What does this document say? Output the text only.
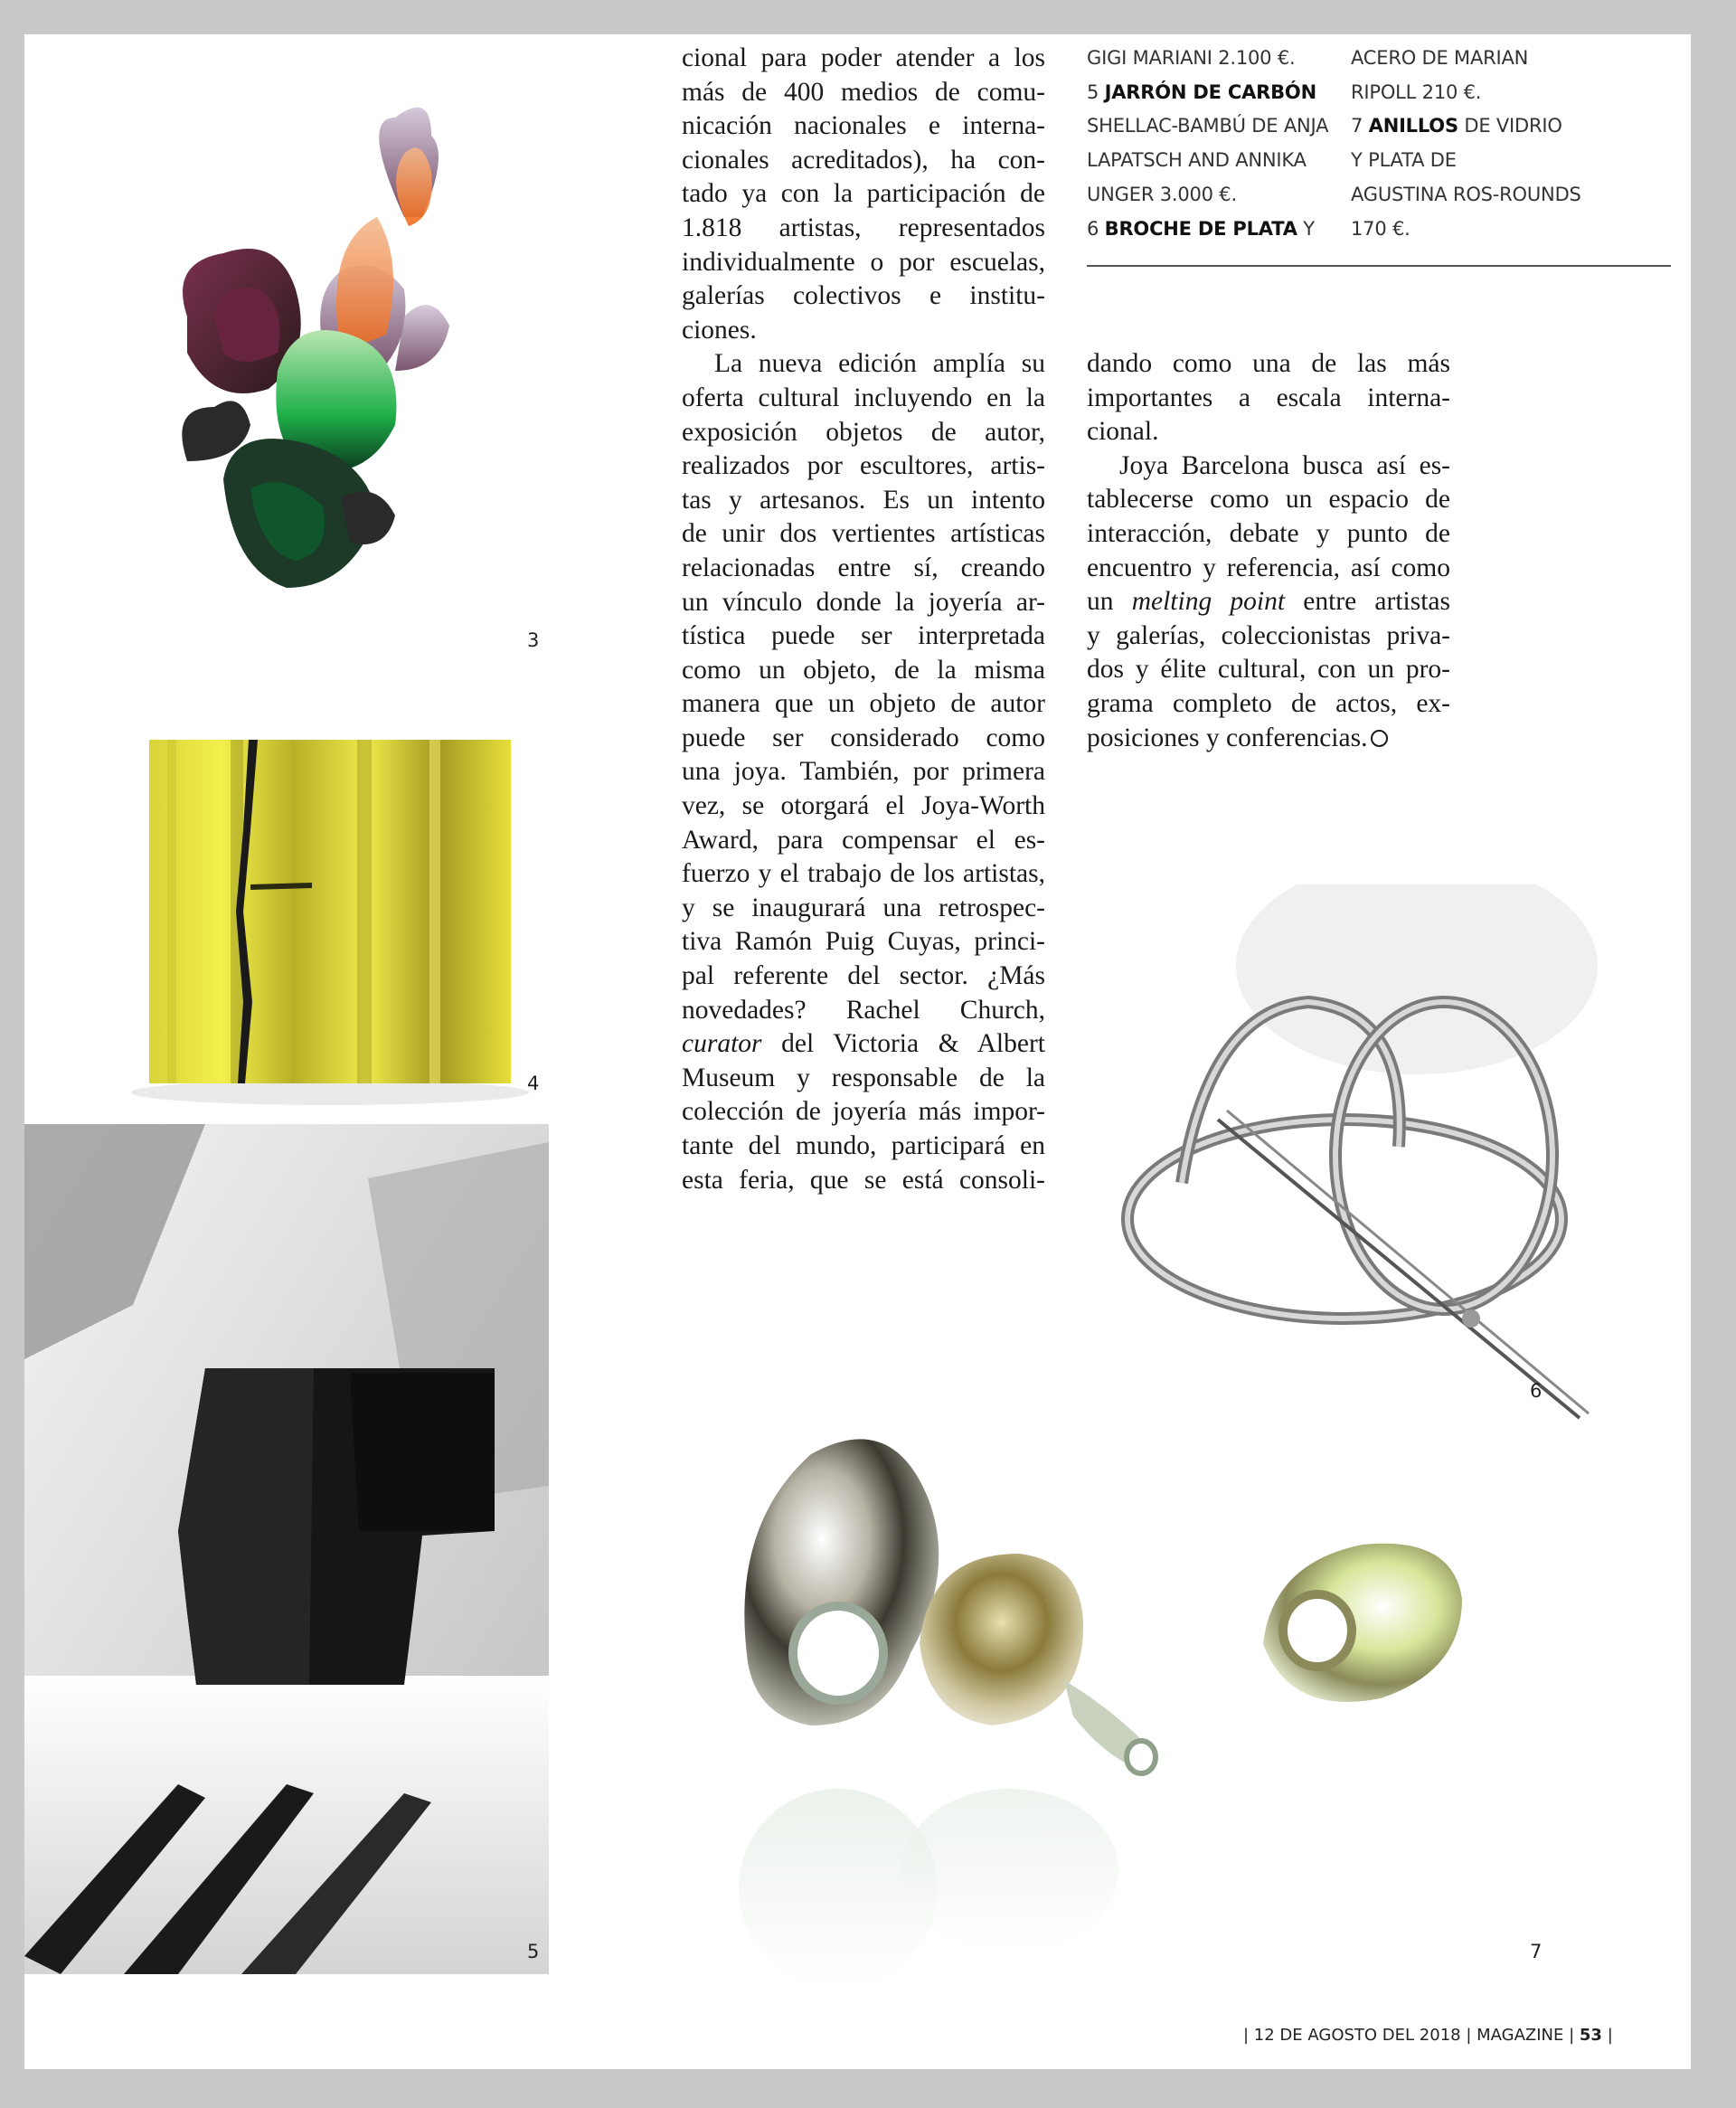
3
4
5

cional para poder atender a los
más de 400 medios de comu-
nicación nacionales e interna-
cionales acreditados), ha con-
tado ya con la participación de
1.818 artistas, representados
individualmente o por escuelas,
galerías colectivos e institu-
ciones.

La nueva edición amplía su
oferta cultural incluyendo en la
exposición objetos de autor,
realizados por escultores, artis-
tas y artesanos. Es un intento
de unir dos vertientes artísticas
relacionadas entre sí, creando
un vínculo donde la joyería ar-
tística puede ser interpretada
como un objeto, de la misma
manera que un objeto de autor
puede ser considerado como
una joya. También, por primera
vez, se otorgará el Joya-Worth
Award, para compensar el es-
fuerzo y el trabajo de los artistas,
y se inaugurará una retrospec-
tiva Ramón Puig Cuyas, princi-
pal referente del sector. ¿Más
novedades? Rachel Church,
curator del Victoria & Albert
Museum y responsable de la
colección de joyería más impor-
tante del mundo, participará en
esta feria, que se está consoli-

GIGI MARIANI 2.100 €.
5 JARRÓN DE CARBÓN
SHELLAC-BAMBÚ DE ANJA
LAPATSCH AND ANNIKA
UNGER 3.000 €.
6 BROCHE DE PLATA Y
ACERO DE MARIAN
RIPOLL 210 €.
7 ANILLOS DE VIDRIO
Y PLATA DE
AGUSTINA ROS-ROUNDS
170 €.

dando como una de las más
importantes a escala interna-
cional.

Joya Barcelona busca así es-
tablecerse como un espacio de
interacción, debate y punto de
encuentro y referencia, así como
un melting point entre artistas
y galerías, coleccionistas priva-
dos y élite cultural, con un pro-
grama completo de actos, ex-
posiciones y conferencias.

6
7
| 12 DE AGOSTO DEL 2018 | MAGAZINE | 53 |
